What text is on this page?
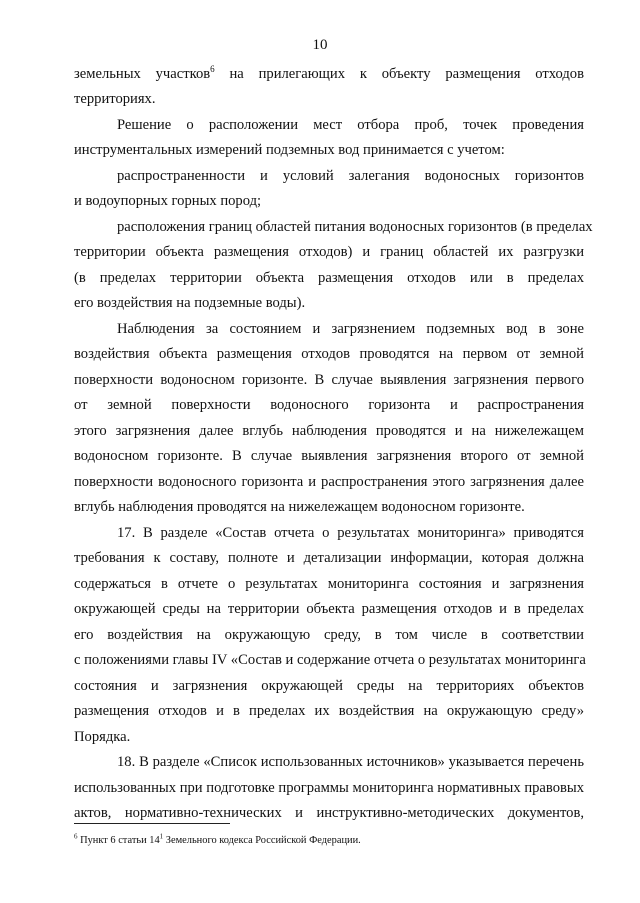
10
земельных участков$^6$ на прилегающих к объекту размещения отходов
территориях.
Решение о расположении мест отбора проб, точек проведения
инструментальных измерений подземных вод принимается с учетом:
распространенности и условий залегания водоносных горизонтов
и водоупорных горных пород;
расположения границ областей питания водоносных горизонтов (в пределах
территории объекта размещения отходов) и границ областей их разгрузки
(в пределах территории объекта размещения отходов или в пределах
его воздействия на подземные воды).
Наблюдения за состоянием и загрязнением подземных вод в зоне
воздействия объекта размещения отходов проводятся на первом от земной
поверхности водоносном горизонте. В случае выявления загрязнения первого
от земной поверхности водоносного горизонта и распространения
этого загрязнения далее вглубь наблюдения проводятся и на нижележащем
водоносном горизонте. В случае выявления загрязнения второго от земной
поверхности водоносного горизонта и распространения этого загрязнения далее
вглубь наблюдения проводятся на нижележащем водоносном горизонте.
17. В разделе «Состав отчета о результатах мониторинга» приводятся
требования к составу, полноте и детализации информации, которая должна
содержаться в отчете о результатах мониторинга состояния и загрязнения
окружающей среды на территории объекта размещения отходов и в пределах
его воздействия на окружающую среду, в том числе в соответствии
с положениями главы IV «Состав и содержание отчета о результатах мониторинга
состояния и загрязнения окружающей среды на территориях объектов
размещения отходов и в пределах их воздействия на окружающую среду»
Порядка.
18. В разделе «Список использованных источников» указывается перечень
использованных при подготовке программы мониторинга нормативных правовых
актов, нормативно-технических и инструктивно-методических документов,
$^6$ Пункт 6 статьи 14$^1$ Земельного кодекса Российской Федерации.
